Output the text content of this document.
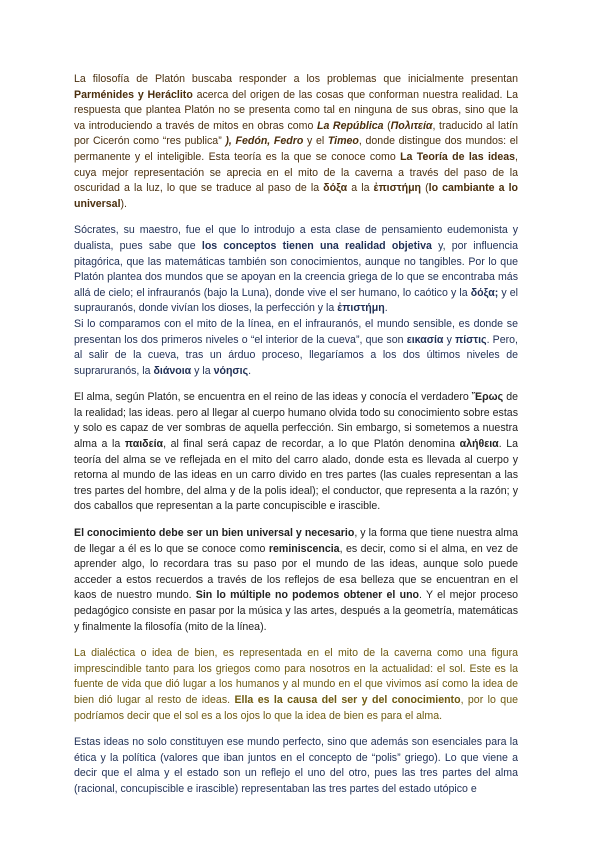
La filosofía de Platón buscaba responder a los problemas que inicialmente presentan Parménides y Heráclito acerca del origen de las cosas que conforman nuestra realidad. La respuesta que plantea Platón no se presenta como tal en ninguna de sus obras, sino que la va introduciendo a través de mitos en obras como La República (Πολιτεία, traducido al latín por Cicerón como “res publica” ), Fedón, Fedro y el Timeo, donde distingue dos mundos: el permanente y el inteligible. Esta teoría es la que se conoce como La Teoría de las ideas, cuya mejor representación se aprecia en el mito de la caverna a través del paso de la oscuridad a la luz, lo que se traduce al paso de la δόξα a la ἐπιστήμη (lo cambiante a lo universal).

Sócrates, su maestro, fue el que lo introdujo a esta clase de pensamiento eudemonista y dualista, pues sabe que los conceptos tienen una realidad objetiva y, por influencia pitagórica, que las matemáticas también son conocimientos, aunque no tangibles. Por lo que Platón plantea dos mundos que se apoyan en la creencia griega de lo que se encontraba más allá de cielo; el infrauranós (bajo la Luna), donde vive el ser humano, lo caótico y la δόξα; y el suprauranós, donde vivían los dioses, la perfección y la ἐπιστήμη.

Si lo comparamos con el mito de la línea, en el infrauranós, el mundo sensible, es donde se presentan los dos primeros niveles o “el interior de la cueva”, que son εικασία y πίστις. Pero, al salir de la cueva, tras un árduo proceso, llegaríamos a los dos últimos niveles de supraruranós, la διάνοια y la νόησις.

El alma, según Platón, se encuentra en el reino de las ideas y conocía el verdadero Ἔρως de la realidad; las ideas. pero al llegar al cuerpo humano olvida todo su conocimiento sobre estas y solo es capaz de ver sombras de aquella perfección. Sin embargo, si sometemos a nuestra alma a la παιδεία, al final será capaz de recordar, a lo que Platón denomina αλήθεια. La teoría del alma se ve reflejada en el mito del carro alado, donde esta es llevada al cuerpo y retorna al mundo de las ideas en un carro divido en tres partes (las cuales representan a las tres partes del hombre, del alma y de la polis ideal); el conductor, que representa a la razón; y dos caballos que representan a la parte concupiscible e irascible.

El conocimiento debe ser un bien universal y necesario, y la forma que tiene nuestra alma de llegar a él es lo que se conoce como reminiscencia, es decir, como si el alma, en vez de aprender algo, lo recordara tras su paso por el mundo de las ideas, aunque solo puede acceder a estos recuerdos a través de los reflejos de esa belleza que se encuentran en el kaos de nuestro mundo. Sin lo múltiple no podemos obtener el uno. Y el mejor proceso pedagógico consiste en pasar por la música y las artes, después a la geometría, matemáticas y finalmente la filosofía (mito de la línea).

La dialéctica o idea de bien, es representada en el mito de la caverna como una figura imprescindible tanto para los griegos como para nosotros en la actualidad: el sol. Este es la fuente de vida que dió lugar a los humanos y al mundo en el que vivimos así como la idea de bien dió lugar al resto de ideas. Ella es la causa del ser y del conocimiento, por lo que podríamos decir que el sol es a los ojos lo que la idea de bien es para el alma.

Estas ideas no solo constituyen ese mundo perfecto, sino que además son esenciales para la ética y la política (valores que iban juntos en el concepto de “polis” griego). Lo que viene a decir que el alma y el estado son un reflejo el uno del otro, pues las tres partes del alma (racional, concupiscible e irascible) representaban las tres partes del estado utópico e
